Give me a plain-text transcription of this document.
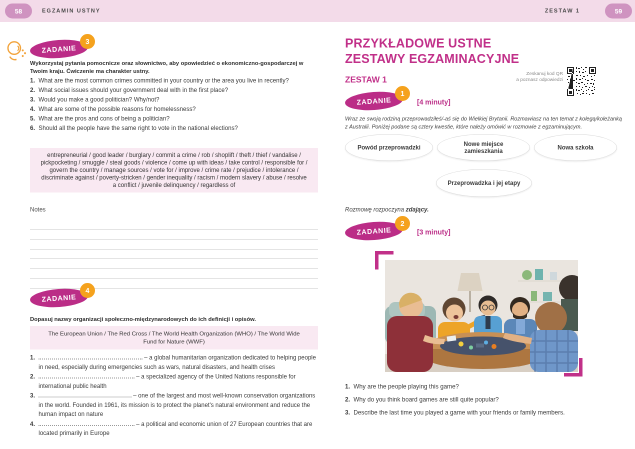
58	EGZAMIN USTNY	ZESTAW 1	59
ZADANIE
3
Wykorzystaj pytania pomocnicze oraz słownictwo, aby opowiedzieć o ekonomiczno-gospodarczej w Twoim kraju. Ćwiczenie ma charakter ustny.
1. What are the most common crimes committed in your country or the area you live in recently?
2. What social issues should your government deal with in the first place?
3. Would you make a good politician? Why/not?
4. What are some of the possible reasons for homelessness?
5. What are the pros and cons of being a politician?
6. Should all the people have the same right to vote in the national elections?
entrepreneurial / good leader / burglary / commit a crime / rob / shoplift / theft / thief / vandalise / pickpocketing / smuggle / steal goods / violence / come up with ideas / take control / responsible for / govern the country / manage sources / vote for / improve / crime rate / prejudice / intolerance / discriminate against / poverty-stricken / gender inequality / racism / modern slavery / abuse / resolve a conflict / juvenile delinquency / regardless of
Notes
ZADANIE
4
Dopasuj nazwy organizacji społeczno-międzynarodowych do ich definicji i opisów.
The European Union / The Red Cross / The World Health Organization (WHO) / The World Wide Fund for Nature (WWF)
1.	– a global humanitarian organization dedicated to helping people in need, especially during emergencies such as wars, natural disasters, and health crises
2.	– a specialized agency of the United Nations responsible for international public health
3.	– one of the largest and most well-known conservation organizations in the world. Founded in 1961, its mission is to protect the planet's natural environment and reduce the human impact on nature
4.	– a political and economic union of 27 European countries that are located primarily in Europe
PRZYKŁADOWE USTNE
ZESTAWY EGZAMINACYJNE
ZESTAW 1
Zeskanuj kod QR
a poznasz odpowiedzi
ZADANIE
1
[4 minuty]
Wraz ze swoją rodziną przeprowadziłeś/-aś się do Wielkiej Brytanii. Rozmawiasz na ten temat z kolegą/koleżanką z Australii. Poniżej podane są cztery kwestie, które należy omówić w rozmowie z egzaminującym.
Powód przeprowadzki	Nowe miejsce zamieszkania	Nowa szkoła
Przeprowadzka i jej etapy
Rozmowę rozpoczyna zdający.
ZADANIE
2
[3 minuty]
1. Why are the people playing this game?
2. Why do you think board games are still quite popular?
3. Describe the last time you played a game with your friends or family members.
